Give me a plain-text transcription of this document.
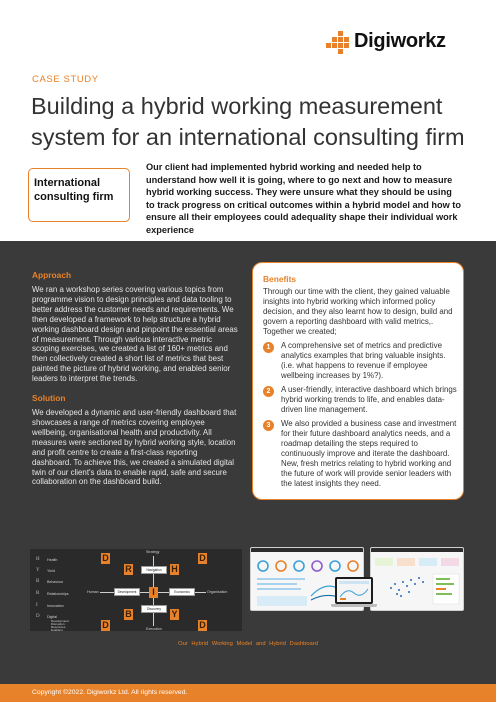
Digiworkz
CASE STUDY
Building a hybrid working measurement system for an international consulting firm
International consulting firm

Our client had implemented hybrid working and needed help to understand how well it is going, where to go next and how to measure hybrid working success. They were unsure what they should be using to track progress on critical outcomes within a hybrid model and how to ensure all their employees could adequality shape their individual work experience

Approach

We ran a workshop series covering various topics from programme vision to design principles and data tooling to better address the customer needs and requirements. We then developed a framework to help structure a hybrid working dashboard design and pinpoint the essential areas of measurement. Through various interactive metric scoping exercises, we created a list of 160+ metrics and then collectively created a short list of metrics that best painted the picture of hybrid working, and enabled senior leaders to interpret the trends.

Solution

We developed a dynamic and user-friendly dashboard that showcases a range of metrics covering employee wellbeing, organisational health and productivity. All measures were sectioned by hybrid working style, location and profit centre to create a first-class reporting dashboard. To achieve this, we created a simulated digital twin of our client's data to enable rapid, safe and secure collaboration on the dashboard build.

Benefits

Through our time with the client, they gained valuable insights into hybrid working which informed policy decision, and they also learnt how to design, build and govern a reporting dashboard with valid metrics,. Together we created;

1	A comprehensive set of metrics and predictive analytics examples that bring valuable insights. (i.e. what happens to revenue if employee wellbeing increases by 1%?).

2	A user-friendly, interactive dashboard which brings hybrid working trends to life, and enables data-driven line management.

3	We also provided a business case and investment for their future dashboard analytics needs, and a roadmap detailing the steps required to continuously improve and iterate the dashboard. New, fresh metrics relating to hybrid working and the future of work will provide senior leaders with the latest insights they need.

H Health
Y Yield
B Behaviour
R Relationships
I	Innovation
D Digital
Development
Disruption
Resources
Enablers
Strategy
Execution
Human	Organisation
Navigation
Development	Economics
Discovery
D	D
D	D
R	H
I
B	Y
Our Hybrid Working Model and Hybrid Dashboard
Copyright ©2022. Digiworkz Ltd. All rights reserved.
